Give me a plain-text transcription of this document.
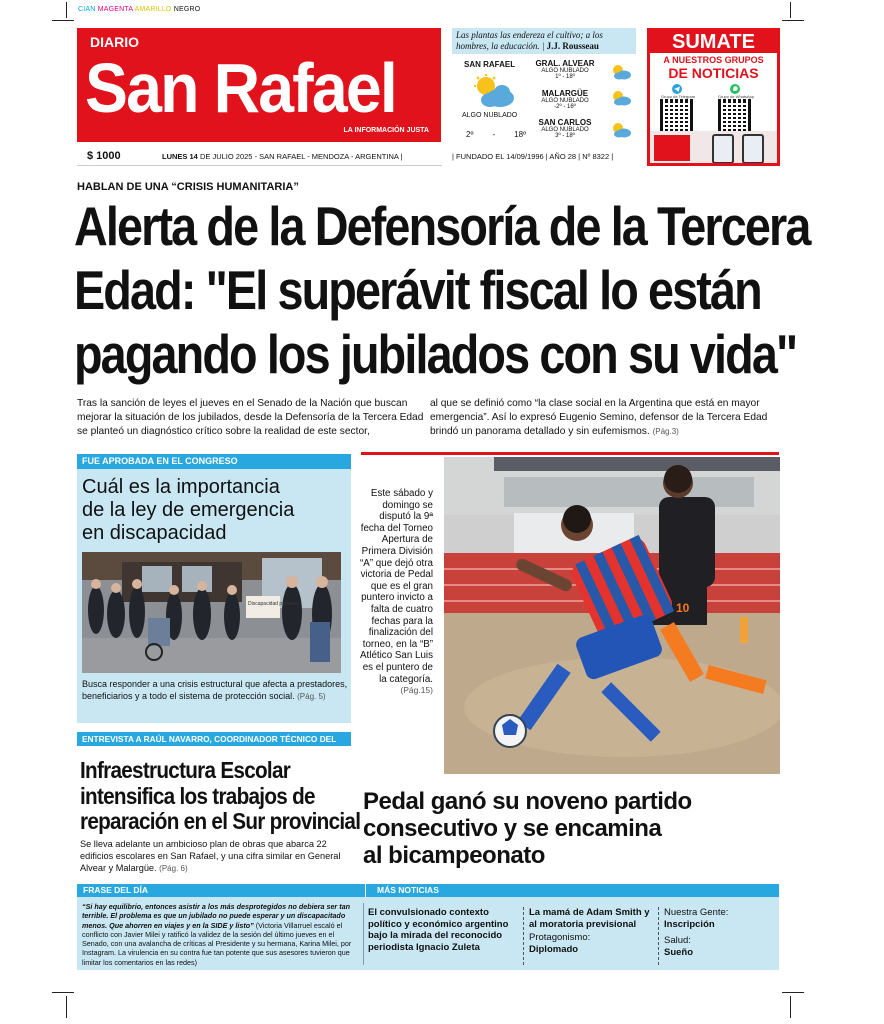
CIAN MAGENTA AMARILLO NEGRO
DIARIO
San Rafael
LA INFORMACIÓN JUSTA
Las plantas las endereza el cultivo; a los hombres, la educación. | J.J. Rousseau
SAN RAFAEL
ALGO NUBLADO
2º - 18º
GRAL. ALVEAR
ALGO NUBLADO
1º - 18º
MALARGÜE
ALGO NUBLADO
-2º - 16º
SAN CARLOS
ALGO NUBLADO
3º - 18º
SUMATE
A NUESTROS GRUPOS
DE NOTICIAS
Grupo de Telegram	Grupo de WhatsApp
$ 1000	LUNES 14 DE JULIO 2025 - SAN RAFAEL - MENDOZA - ARGENTINA |	| FUNDADO EL 14/09/1996 | AÑO 28 | Nº 8322 |
HABLAN DE UNA “CRISIS HUMANITARIA”
Alerta de la Defensoría de la Tercera
Edad: "El superávit fiscal lo están
pagando los jubilados con su vida"
Tras la sanción de leyes el jueves en el Senado de la Nación que buscan mejorar la situación de los jubilados, desde la Defensoría de la Tercera Edad se planteó un diagnóstico crítico sobre la realidad de este sector,
al que se definió como “la clase social en la Argentina que está en mayor emergencia”. Así lo expresó Eugenio Semino, defensor de la Tercera Edad brindó un panorama detallado y sin eufemismos. (Pág.3)
FUE APROBADA EN EL CONGRESO
Cuál es la importancia
de la ley de emergencia
en discapacidad
Discapacidad presente
Busca responder a una crisis estructural que afecta a prestadores, beneficiarios y a todo el sistema de protección social. (Pág. 5)
ENTREVISTA A RAÚL NAVARRO, COORDINADOR TÉCNICO DEL ÁREA
Infraestructura Escolar
intensifica los trabajos de
reparación en el Sur provincial
Se lleva adelante un ambicioso plan de obras que abarca 22 edificios escolares en San Rafael, y una cifra similar en General Alvear y Malargüe. (Pág. 6)
Este sábado y domingo se disputó la 9ª fecha del Torneo Apertura de Primera División “A” que dejó otra victoria de Pedal que es el gran puntero invicto a falta de cuatro fechas para la finalización del torneo, en la “B” Atlético San Luis es el puntero de la categoría. (Pág.15)
10
Pedal ganó su noveno partido
consecutivo y se encamina
al bicampeonato
FRASE DEL DÍA	MÁS NOTICIAS
“Si hay equilibrio, entonces asistir a los más desprotegidos no debiera ser tan terrible. El problema es que un jubilado no puede esperar y un discapacitado menos. Que ahorren en viajes y en la SIDE y listo” (Victoria Villarruel escaló el conflicto con Javier Milei y ratificó la validez de la sesión del último jueves en el Senado, con una avalancha de críticas al Presidente y su hermana, Karina Milei, por Instagram. La virulencia en su contra fue tan potente que sus asesores tuvieron que limitar los comentarios en las redes)
El convulsionado contexto político y económico argentino bajo la mirada del reconocido periodista Ignacio Zuleta
La mamá de Adam Smith y al moratoria previsional
Protagonismo:
Diplomado
Nuestra Gente:
Inscripción
Salud:
Sueño
